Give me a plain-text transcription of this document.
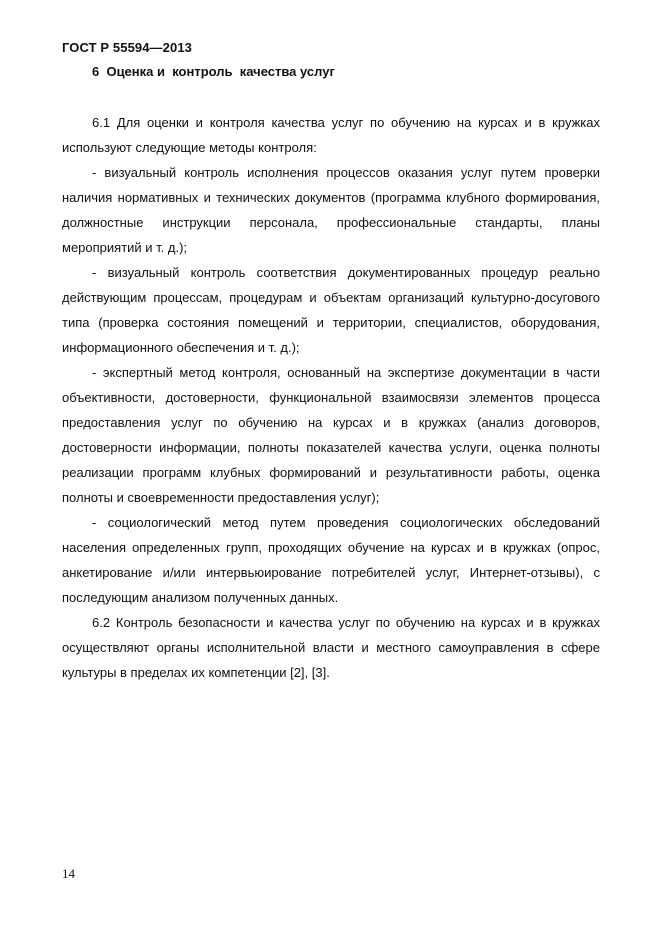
ГОСТ Р 55594—2013
6  Оценка и  контроль  качества услуг

6.1 Для оценки и контроля качества услуг по обучению на курсах и в кружках используют следующие методы контроля:

- визуальный контроль исполнения процессов оказания услуг путем проверки наличия нормативных и технических документов (программа клубного формирования, должностные инструкции персонала, профессиональные стандарты, планы мероприятий и т. д.);

- визуальный контроль соответствия документированных процедур реально действующим процессам, процедурам и объектам организаций культурно-досугового типа (проверка состояния помещений и территории, специалистов, оборудования, информационного обеспечения и т. д.);

- экспертный метод контроля, основанный на экспертизе документации в части объективности, достоверности, функциональной взаимосвязи элементов процесса предоставления услуг по обучению на курсах и в кружках (анализ договоров, достоверности информации, полноты показателей качества услуги, оценка полноты реализации программ клубных формирований и результативности работы, оценка полноты и своевременности предоставления услуг);

- социологический метод путем проведения социологических обследований населения определенных групп, проходящих обучение на курсах и в кружках (опрос, анкетирование и/или интервьюирование потребителей услуг, Интернет-отзывы), с последующим анализом полученных данных.

6.2 Контроль безопасности и качества услуг по обучению на курсах и в кружках осуществляют органы исполнительной власти и местного самоуправления в сфере культуры в пределах их компетенции [2], [3].

14
